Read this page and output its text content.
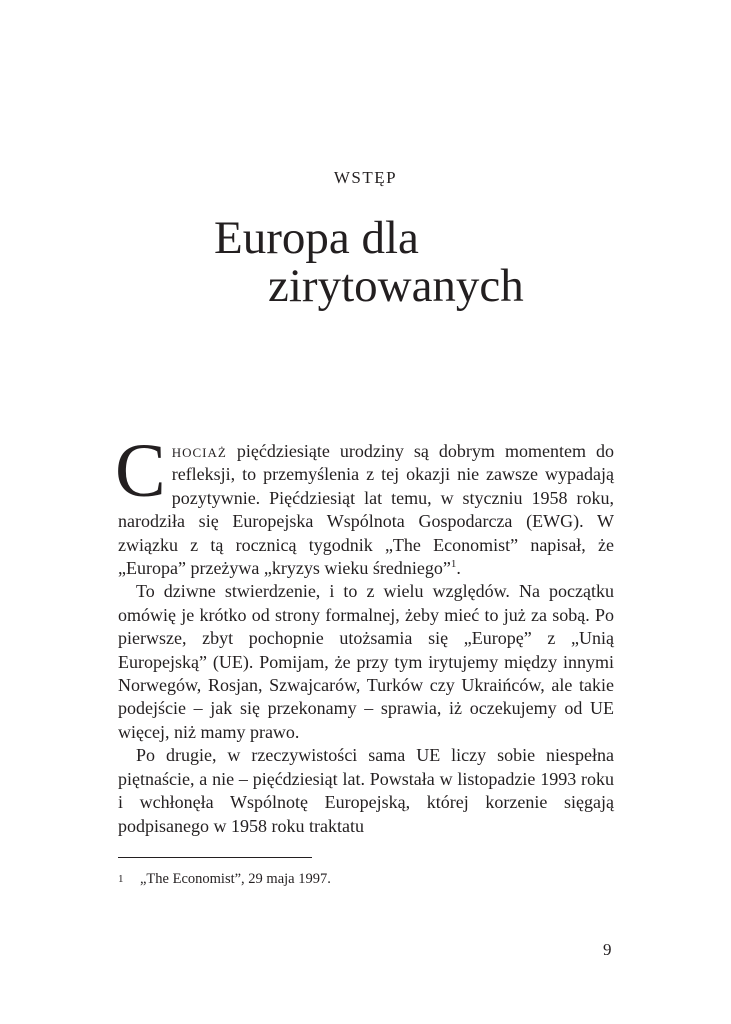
WSTĘP
Europa dla
zirytowanych

Chociaż pięćdziesiąte urodziny są dobrym momentem do refleksji, to przemyślenia z tej okazji nie zawsze wypadają pozytywnie. Pięćdziesiąt lat temu, w styczniu 1958 roku, narodziła się Europejska Wspólnota Gospodarcza (EWG). W związku z tą rocznicą tygodnik „The Economist” napisał, że „Europa” przeżywa „kryzys wieku średniego”$^1$.

To dziwne stwierdzenie, i to z wielu względów. Na początku omówię je krótko od strony formalnej, żeby mieć to już za sobą. Po pierwsze, zbyt pochopnie utożsamia się „Europę” z „Unią Europejską” (UE). Pomijam, że przy tym irytujemy między innymi Norwegów, Rosjan, Szwajcarów, Turków czy Ukraińców, ale takie podejście – jak się przekonamy – sprawia, iż oczekujemy od UE więcej, niż mamy prawo.

Po drugie, w rzeczywistości sama UE liczy sobie niespełna piętnaście, a nie – pięćdziesiąt lat. Powstała w listopadzie 1993 roku i wchłonęła Wspólnotę Europejską, której korzenie sięgają podpisanego w 1958 roku traktatu

1 „The Economist”, 29 maja 1997.
9
